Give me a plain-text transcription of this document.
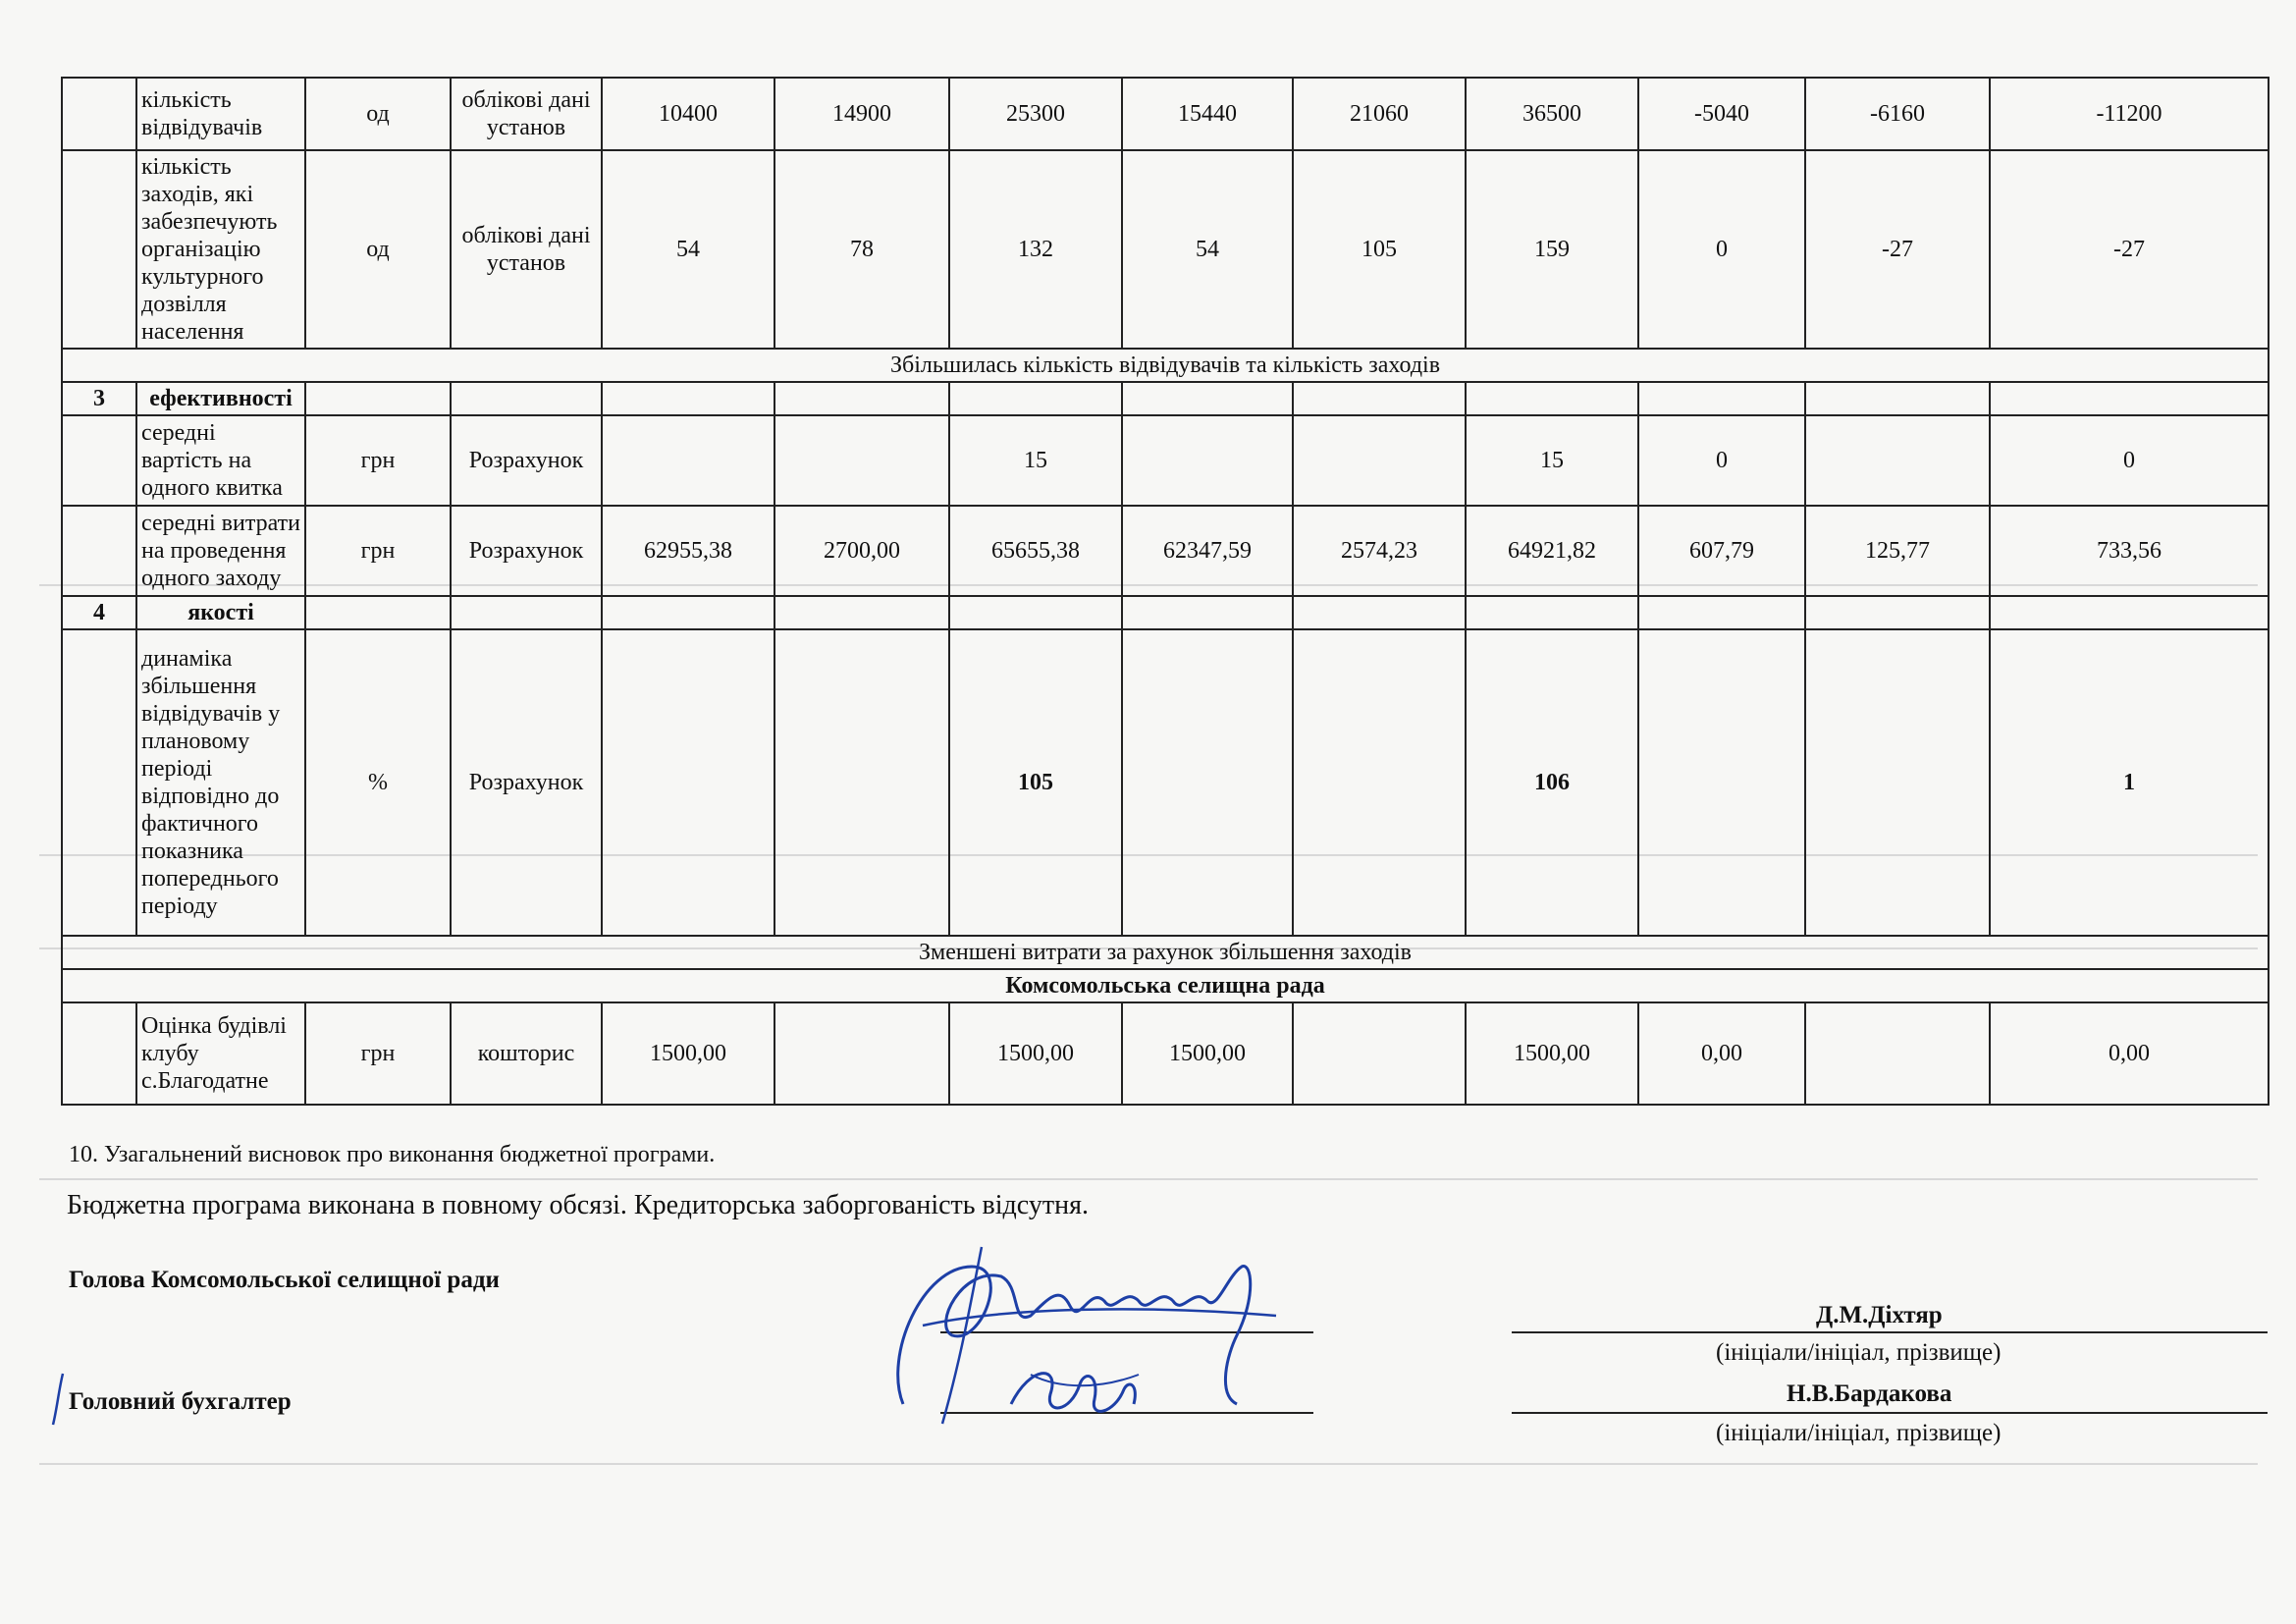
	кількість відвідувачів	од	облікові дані установ	10400	14900	25300	15440	21060	36500	-5040	-6160	-11200
	кількість заходів, які забезпечують організацію культурного дозвілля населення	од	облікові дані установ	54	78	132	54	105	159	0	-27	-27
Збільшилась кількість відвідувачів та кількість заходів												
3	ефективності											
	середні вартість на одного квитка	грн	Розрахунок			15			15	0		0
	середні витрати на проведення одного заходу	грн	Розрахунок	62955,38	2700,00	65655,38	62347,59	2574,23	64921,82	607,79	125,77	733,56
4	якості											
	динаміка збільшення відвідувачів у плановому періоді відповідно до фактичного показника попереднього періоду	%	Розрахунок			105			106			1
Зменшені витрати за рахунок збільшення заходів												
Комсомольська селищна рада												
	Оцінка будівлі клубу с.Благодатне	грн	кошторис	1500,00		1500,00	1500,00		1500,00	0,00		0,00
10. Узагальнений висновок про виконання бюджетної програми.
Бюджетна програма виконана в повному обсязі. Кредиторська заборгованість відсутня.
Голова Комсомольської селищної ради
Д.М.Діхтяр
(ініціали/ініціал, прізвище)
Головний бухгалтер	Н.В.Бардакова
(ініціали/ініціал, прізвище)
